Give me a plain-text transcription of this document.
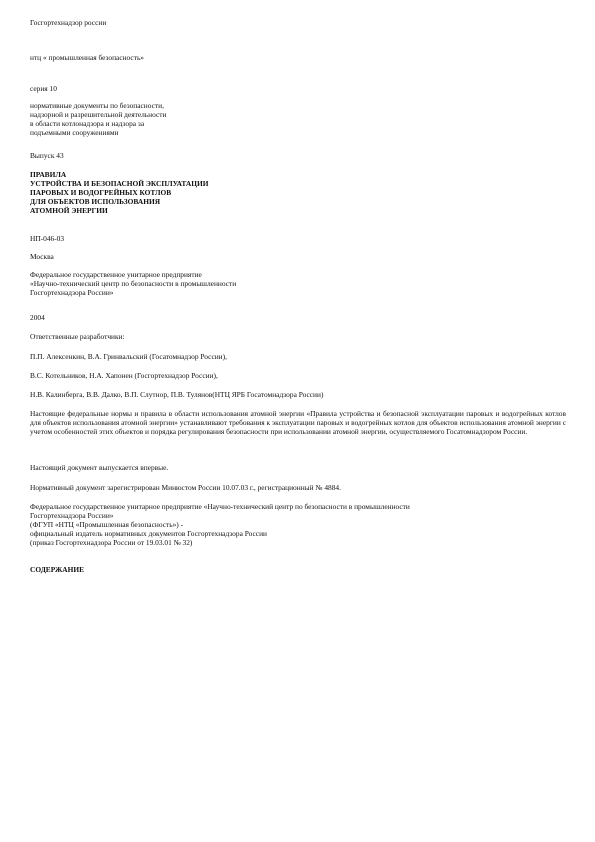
Госгортехнадзор россии

нтц « промышленная безопасность»

серия 10

нормативные документы по безопасности,
надзорной и разрешительной деятельности
в области котлонадзора и надзора за
подъемными сооружениями

Выпуск 43

ПРАВИЛА
УСТРОЙСТВА И БЕЗОПАСНОЙ ЭКСПЛУАТАЦИИ
ПАРОВЫХ И ВОДОГРЕЙНЫХ КОТЛОВ
ДЛЯ ОБЪЕКТОВ ИСПОЛЬЗОВАНИЯ
АТОМНОЙ ЭНЕРГИИ

НП-046-03

Москва

Федеральное государственное унитарное предприятие
«Научно-технический центр по безопасности в промышленности
Госгортехнадзора России»

2004

Ответственные разработчики:

П.П. Алексенкин, В.А. Гринвальский (Госатомнадзор России),

В.С. Котельников, Н.А. Хапонен (Госгортехнадзор России),

Н.В. Калинберга, В.В. Далко, В.П. Слутнор, П.В. Тулянов(НТЦ ЯРБ Госатомнадзора России)

Настоящие федеральные нормы и правила в области использования атомной энергии «Правила устройства и безопасной эксплуатации паровых и водогрейных котлов для объектов использования атомной энергии» устанавливают требования к эксплуатации паровых и водогрейных котлов для объектов использования атомной энергии с учетом особенностей этих объектов и порядка регулирования безопасности при использовании атомной энергии, осуществляемого Госатомнадзором России.

Настоящий документ выпускается впервые.

Нормативный документ зарегистрирован Минюстом России 10.07.03 г., регистрационный № 4884.

Федеральное государственное унитарное предприятие «Научно-технический центр по безопасности в промышленности
Госгортехнадзора России»
(ФГУП «НТЦ «Промышленная безопасность») -
официальный издатель нормативных документов Госгортехнадзора России
(приказ Госгортехнадзора России от 19.03.01 № 32)

СОДЕРЖАНИЕ
